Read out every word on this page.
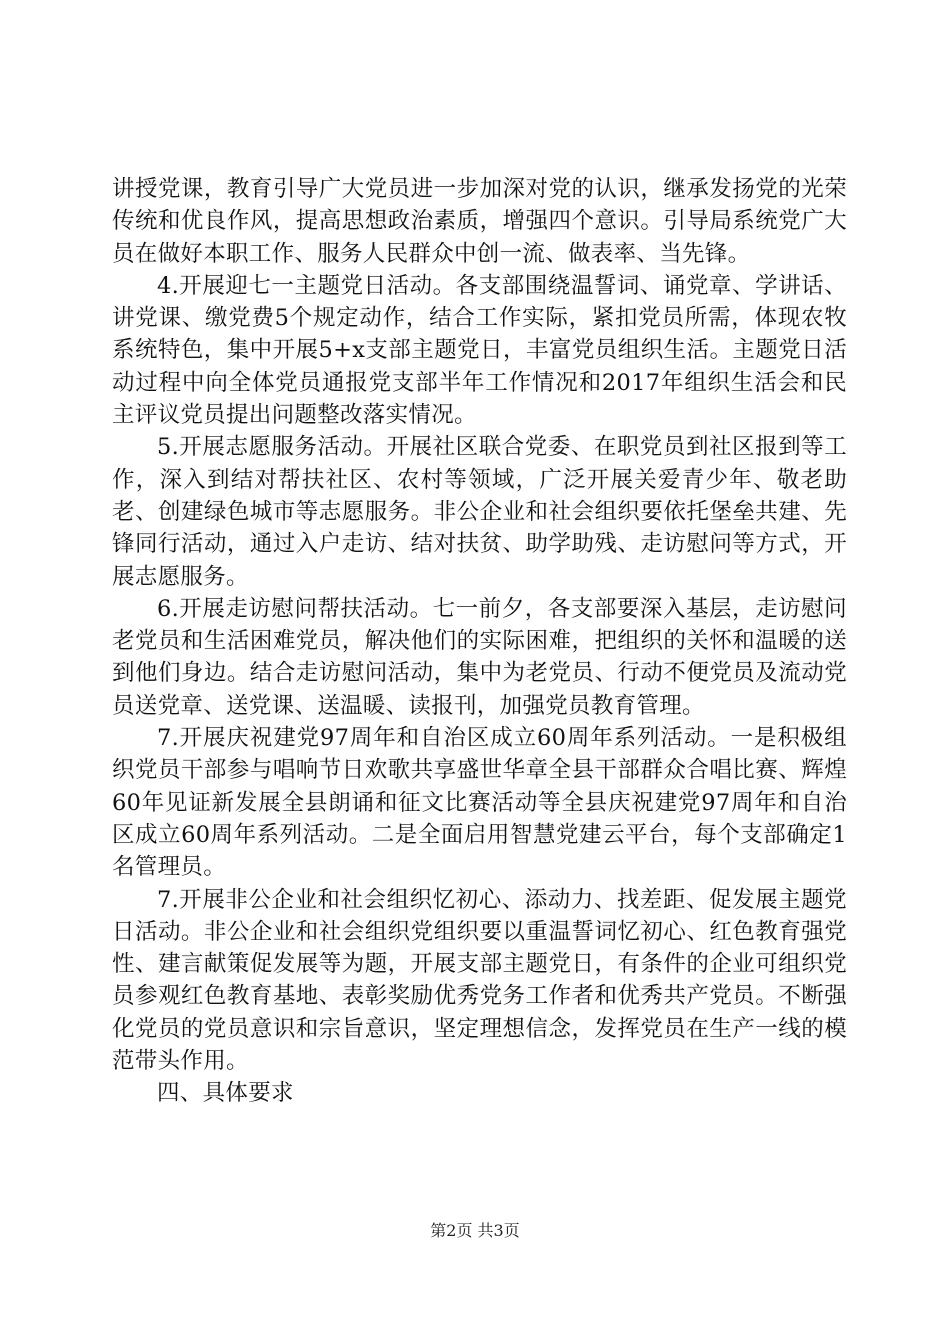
讲授党课，教育引导广大党员进一步加深对党的认识，继承发扬党的光荣传统和优良作风，提高思想政治素质，增强四个意识。引导局系统党广大员在做好本职工作、服务人民群众中创一流、做表率、当先锋。

4.开展迎七一主题党日活动。各支部围绕温誓词、诵党章、学讲话、讲党课、缴党费5个规定动作，结合工作实际，紧扣党员所需，体现农牧系统特色，集中开展5+x支部主题党日，丰富党员组织生活。主题党日活动过程中向全体党员通报党支部半年工作情况和2017年组织生活会和民主评议党员提出问题整改落实情况。

5.开展志愿服务活动。开展社区联合党委、在职党员到社区报到等工作，深入到结对帮扶社区、农村等领域，广泛开展关爱青少年、敬老助老、创建绿色城市等志愿服务。非公企业和社会组织要依托堡垒共建、先锋同行活动，通过入户走访、结对扶贫、助学助残、走访慰问等方式，开展志愿服务。

6.开展走访慰问帮扶活动。七一前夕，各支部要深入基层，走访慰问老党员和生活困难党员，解决他们的实际困难，把组织的关怀和温暖的送到他们身边。结合走访慰问活动，集中为老党员、行动不便党员及流动党员送党章、送党课、送温暖、读报刊，加强党员教育管理。

7.开展庆祝建党97周年和自治区成立60周年系列活动。一是积极组织党员干部参与唱响节日欢歌共享盛世华章全县干部群众合唱比赛、辉煌60年见证新发展全县朗诵和征文比赛活动等全县庆祝建党97周年和自治区成立60周年系列活动。二是全面启用智慧党建云平台，每个支部确定1名管理员。

7.开展非公企业和社会组织忆初心、添动力、找差距、促发展主题党日活动。非公企业和社会组织党组织要以重温誓词忆初心、红色教育强党性、建言献策促发展等为题，开展支部主题党日，有条件的企业可组织党员参观红色教育基地、表彰奖励优秀党务工作者和优秀共产党员。不断强化党员的党员意识和宗旨意识，坚定理想信念，发挥党员在生产一线的模范带头作用。

四、具体要求

第2页 共3页
